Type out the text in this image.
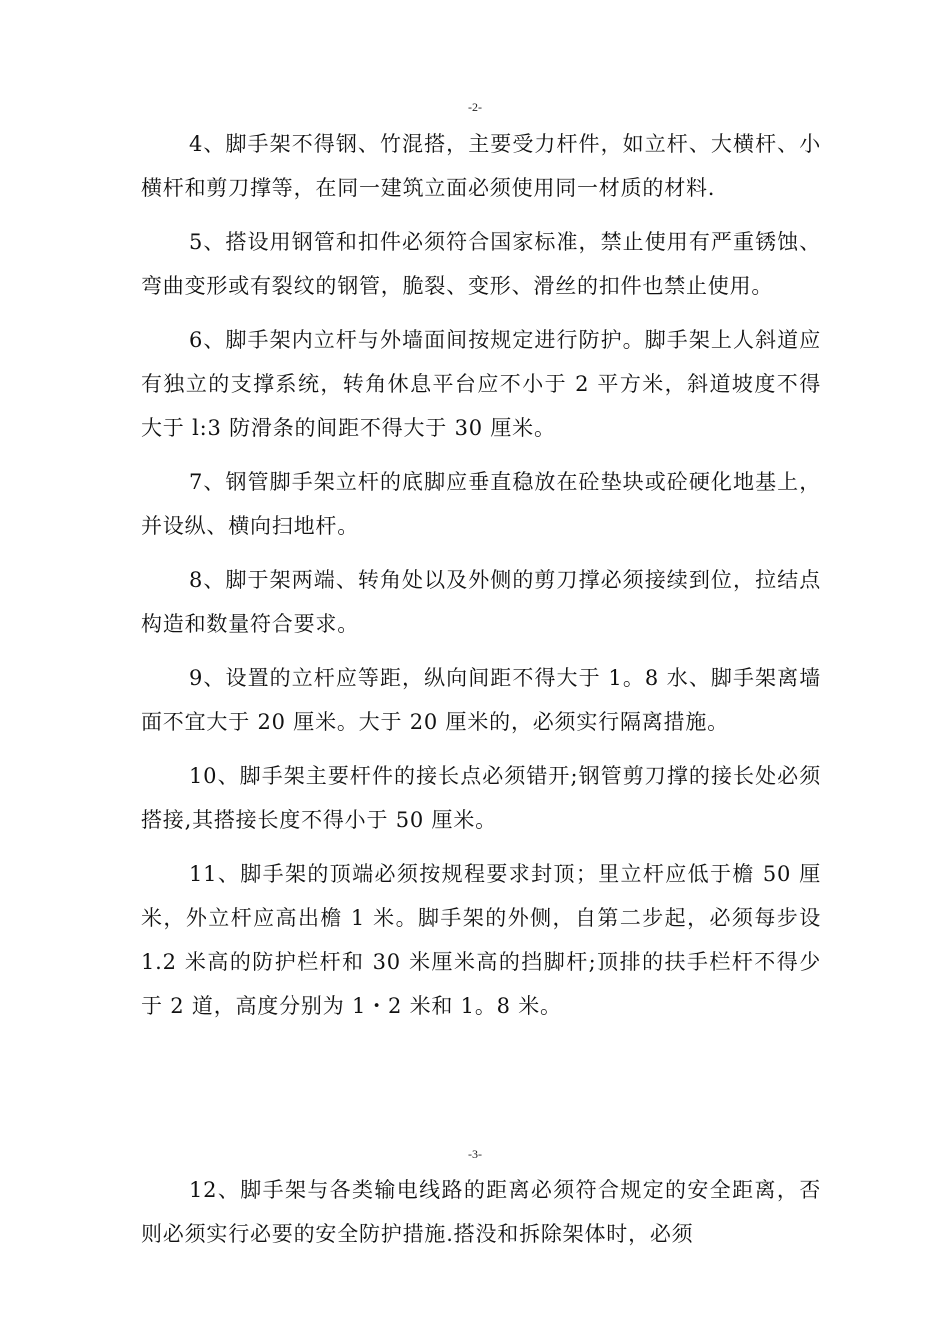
-2-

4、脚手架不得钢、竹混搭，主要受力杆件，如立杆、大横杆、小横杆和剪刀撑等，在同一建筑立面必须使用同一材质的材料.

5、搭设用钢管和扣件必须符合国家标准，禁止使用有严重锈蚀、弯曲变形或有裂纹的钢管，脆裂、变形、滑丝的扣件也禁止使用。

6、脚手架内立杆与外墙面间按规定进行防护。脚手架上人斜道应有独立的支撑系统，转角休息平台应不小于 2 平方米，斜道坡度不得大于 l:3 防滑条的间距不得大于 30 厘米。

7、钢管脚手架立杆的底脚应垂直稳放在砼垫块或砼硬化地基上，并设纵、横向扫地杆。

8、脚于架两端、转角处以及外侧的剪刀撑必须接续到位，拉结点构造和数量符合要求。

9、设置的立杆应等距，纵向间距不得大于 1。8 水、脚手架离墙面不宜大于 20 厘米。大于 20 厘米的，必须实行隔离措施。

10、脚手架主要杆件的接长点必须错开;钢管剪刀撑的接长处必须搭接,其搭接长度不得小于 50 厘米。

11、脚手架的顶端必须按规程要求封顶；里立杆应低于檐 50 厘米，外立杆应高出檐 1 米。脚手架的外侧，自第二步起，必须每步设 1.2 米高的防护栏杆和 30 米厘米高的挡脚杆;顶排的扶手栏杆不得少于 2 道，高度分别为 1・2 米和 1。8 米。

-3-

12、脚手架与各类输电线路的距离必须符合规定的安全距离，否则必须实行必要的安全防护措施.搭没和拆除架体时，必须
